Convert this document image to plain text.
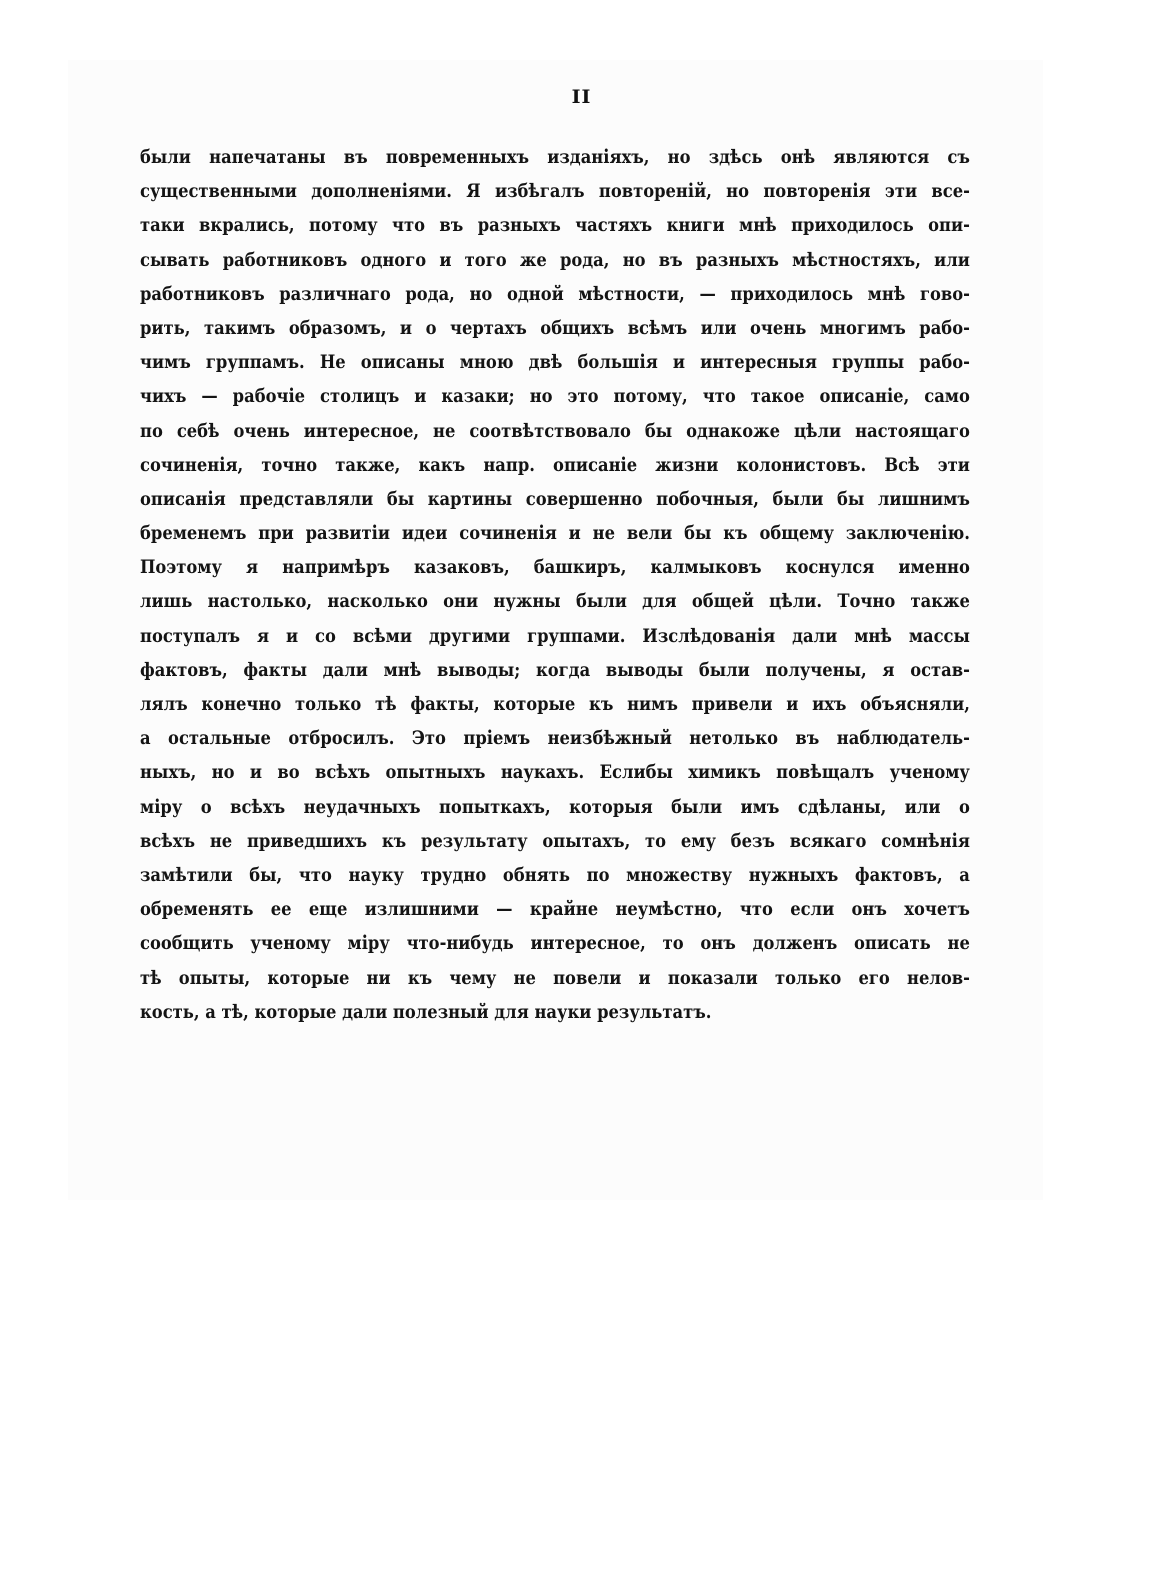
II
были напечатаны въ повременныхъ изданіяхъ, но здѣсь онѣ являются съ
существенными дополненіями. Я избѣгалъ повтореній, но повторенія эти все-
таки вкрались, потому что въ разныхъ частяхъ книги мнѣ приходилось опи-
сывать работниковъ одного и того же рода, но въ разныхъ мѣстностяхъ, или
работниковъ различнаго рода, но одной мѣстности, — приходилось мнѣ гово-
рить, такимъ образомъ, и о чертахъ общихъ всѣмъ или очень многимъ рабо-
чимъ группамъ. Не описаны мною двѣ большія и интересныя группы рабо-
чихъ — рабочіе столицъ и казаки; но это потому, что такое описаніе, само
по себѣ очень интересное, не соотвѣтствовало бы однакоже цѣли настоящаго
сочиненія, точно также, какъ напр. описаніе жизни колонистовъ. Всѣ эти
описанія представляли бы картины совершенно побочныя, были бы лишнимъ
бременемъ при развитіи идеи сочиненія и не вели бы къ общему заключенію.
Поэтому я напримѣръ казаковъ, башкиръ, калмыковъ коснулся именно
лишь настолько, насколько они нужны были для общей цѣли. Точно также
поступалъ я и со всѣми другими группами. Изслѣдованія дали мнѣ массы
фактовъ, факты дали мнѣ выводы; когда выводы были получены, я остав-
лялъ конечно только тѣ факты, которые къ нимъ привели и ихъ объясняли,
а остальные отбросилъ. Это пріемъ неизбѣжный нетолько въ наблюдатель-
ныхъ, но и во всѣхъ опытныхъ наукахъ. Еслибы химикъ повѣщалъ ученому
міру о всѣхъ неудачныхъ попыткахъ, которыя были имъ сдѣланы, или о
всѣхъ не приведшихъ къ результату опытахъ, то ему безъ всякаго сомнѣнія
замѣтили бы, что науку трудно обнять по множеству нужныхъ фактовъ, а
обременять ее еще излишними — крайне неумѣстно, что если онъ хочетъ
сообщить ученому міру что-нибудь интересное, то онъ долженъ описать не
тѣ опыты, которые ни къ чему не повели и показали только его нелов-
кость, а тѣ, которые дали полезный для науки результатъ.
